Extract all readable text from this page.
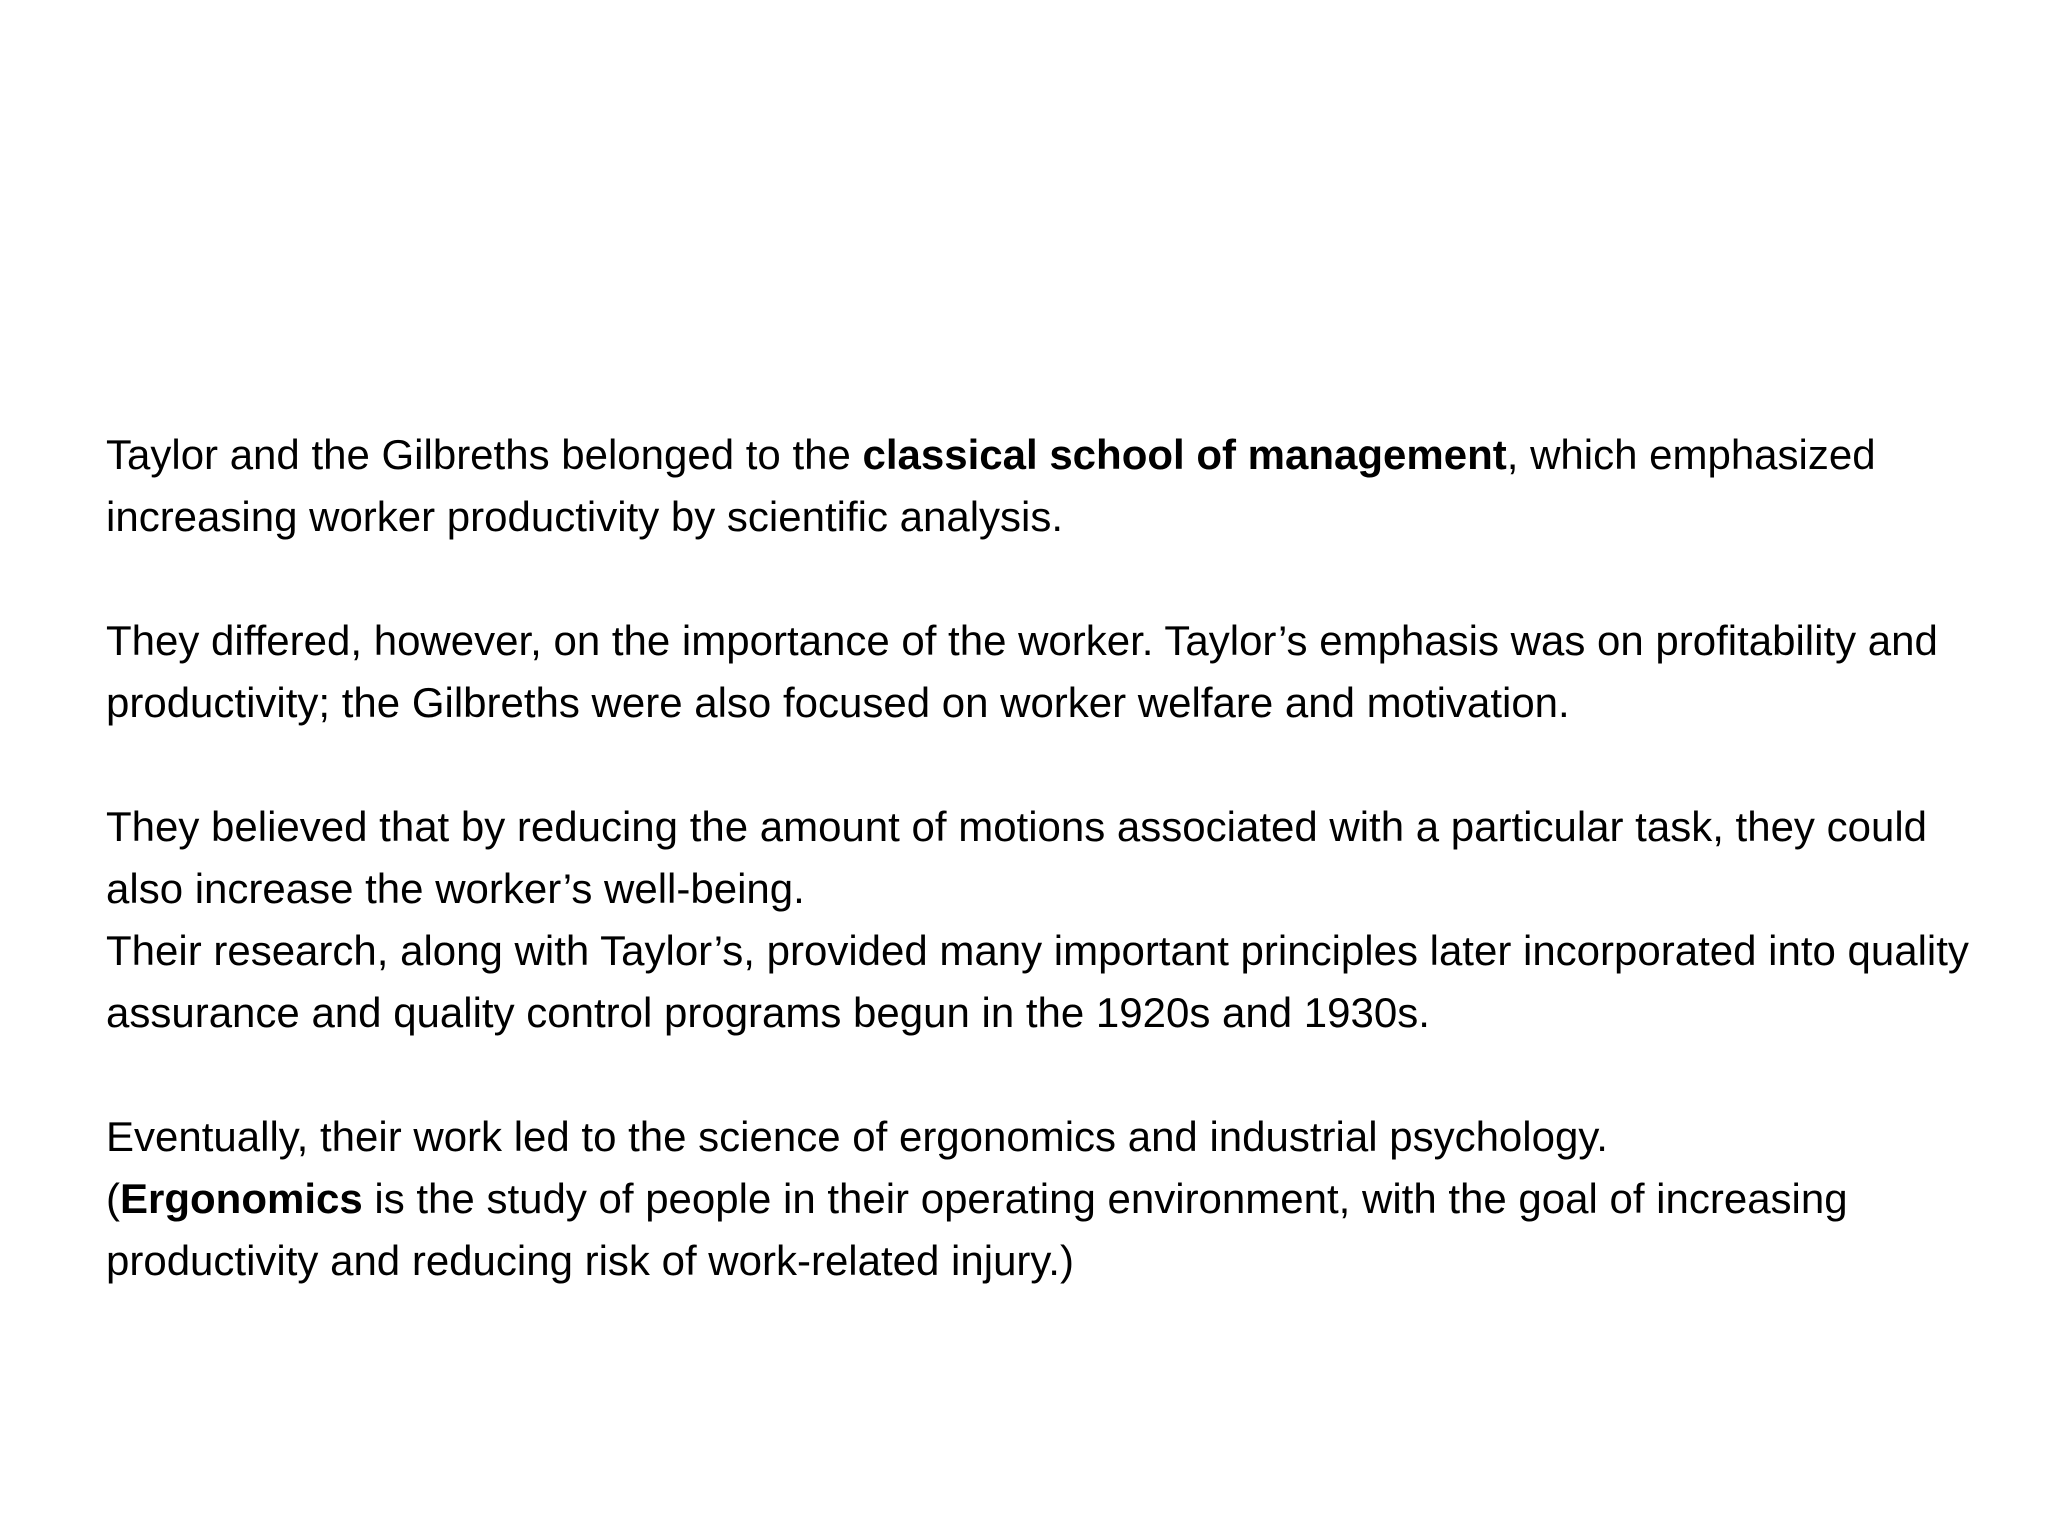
Taylor and the Gilbreths belonged to the classical school of management, which emphasized increasing worker productivity by scientific analysis.

They differed, however, on the importance of the worker. Taylor’s emphasis was on profitability and productivity; the Gilbreths were also focused on worker welfare and motivation.

They believed that by reducing the amount of motions associated with a particular task, they could also increase the worker’s well-being.

Their research, along with Taylor’s, provided many important principles later incorporated into quality assurance and quality control programs begun in the 1920s and 1930s.

Eventually, their work led to the science of ergonomics and industrial psychology.

(Ergonomics is the study of people in their operating environment, with the goal of increasing productivity and reducing risk of work-related injury.)
